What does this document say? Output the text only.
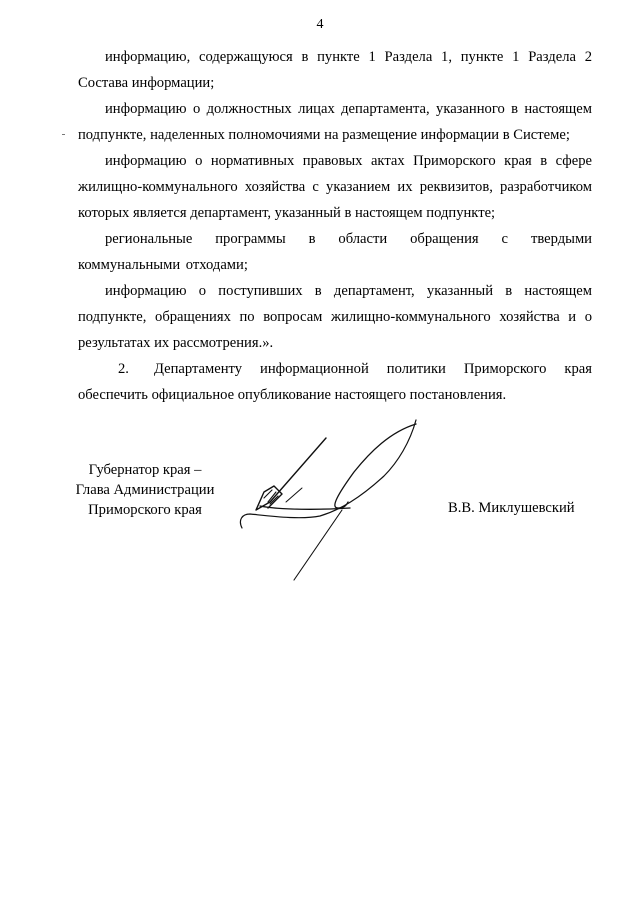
4

информацию, содержащуюся в пункте 1 Раздела 1, пункте 1 Раздела 2 Состава информации;

информацию о должностных лицах департамента, указанного в настоящем подпункте, наделенных полномочиями на размещение информации в Системе;

информацию о нормативных правовых актах Приморского края в сфере жилищно-коммунального хозяйства с указанием их реквизитов, разработчиком которых является департамент, указанный в настоящем подпункте;

региональные программы в области обращения с твердыми коммунальными отходами;

информацию о поступивших в департамент, указанный в настоящем подпункте, обращениях по вопросам жилищно-коммунального хозяйства и о результатах их рассмотрения.».

2. Департаменту информационной политики Приморского края обеспечить официальное опубликование настоящего постановления.

Губернатор края –
Глава Администрации
Приморского края	В.В. Миклушевский
